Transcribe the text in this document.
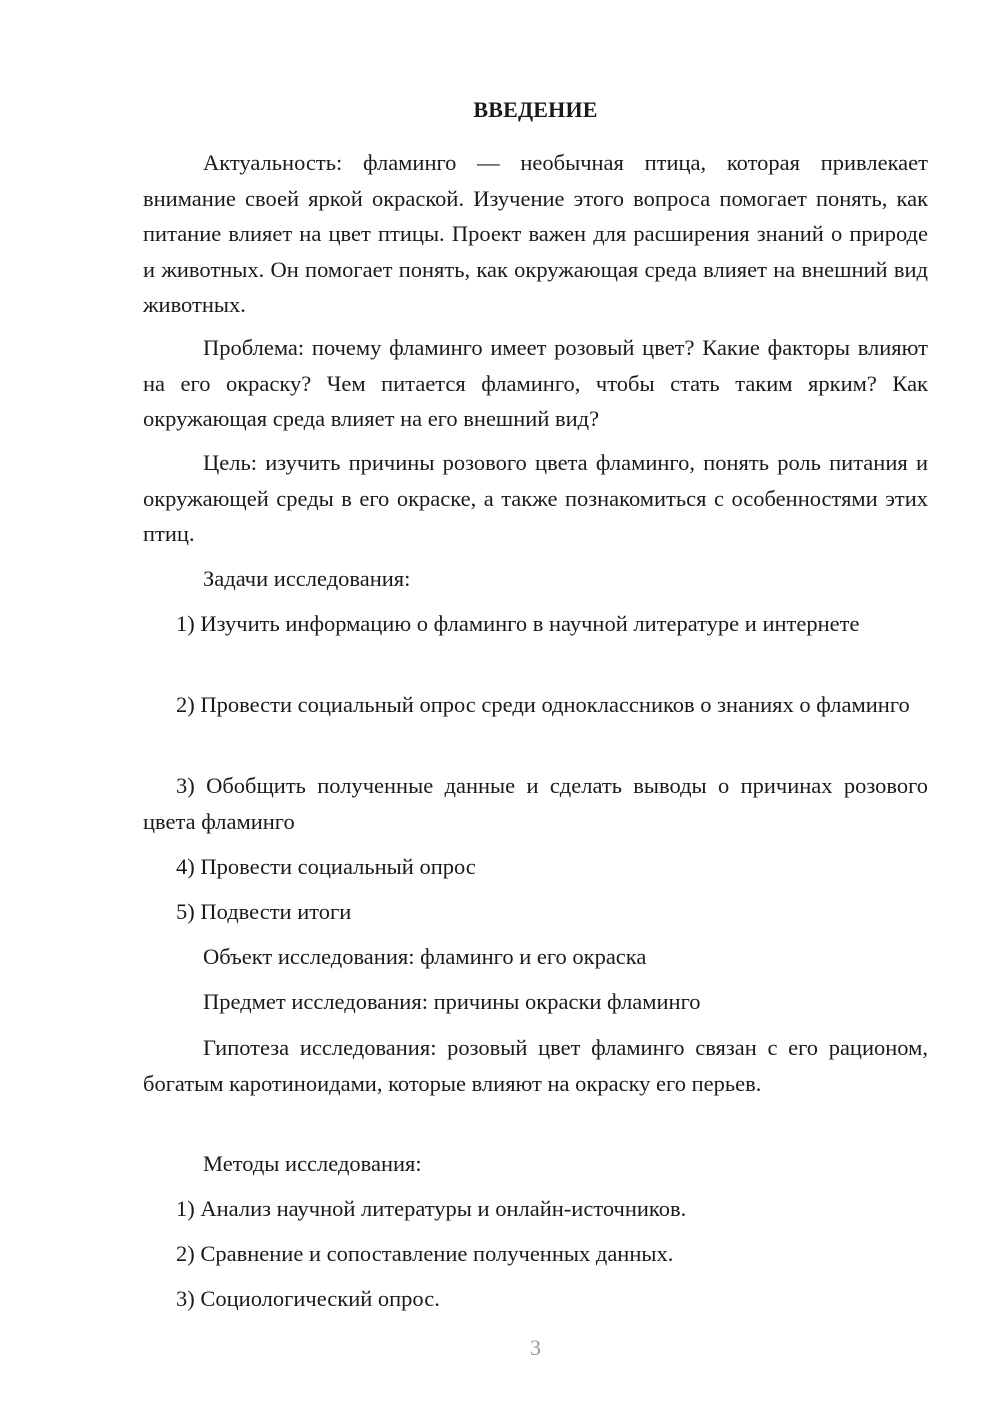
ВВЕДЕНИЕ

Актуальность: фламинго — необычная птица, которая привлекает внимание своей яркой окраской. Изучение этого вопроса помогает понять, как питание влияет на цвет птицы. Проект важен для расширения знаний о природе и животных. Он помогает понять, как окружающая среда влияет на внешний вид животных.

Проблема: почему фламинго имеет розовый цвет? Какие факторы влияют на его окраску? Чем питается фламинго, чтобы стать таким ярким? Как окружающая среда влияет на его внешний вид?

Цель: изучить причины розового цвета фламинго, понять роль питания и окружающей среды в его окраске, а также познакомиться с особенностями этих птиц.

Задачи исследования:

1) Изучить информацию о фламинго в научной литературе и интернете

2) Провести социальный опрос среди одноклассников о знаниях о фламинго

3) Обобщить полученные данные и сделать выводы о причинах розового цвета фламинго

4) Провести социальный опрос

5) Подвести итоги

Объект исследования: фламинго и его окраска

Предмет исследования: причины окраски фламинго

Гипотеза исследования: розовый цвет фламинго связан с его рационом, богатым каротиноидами, которые влияют на окраску его перьев.

Методы исследования:

1) Анализ научной литературы и онлайн-источников.

2) Сравнение и сопоставление полученных данных.

3) Социологический опрос.

3
